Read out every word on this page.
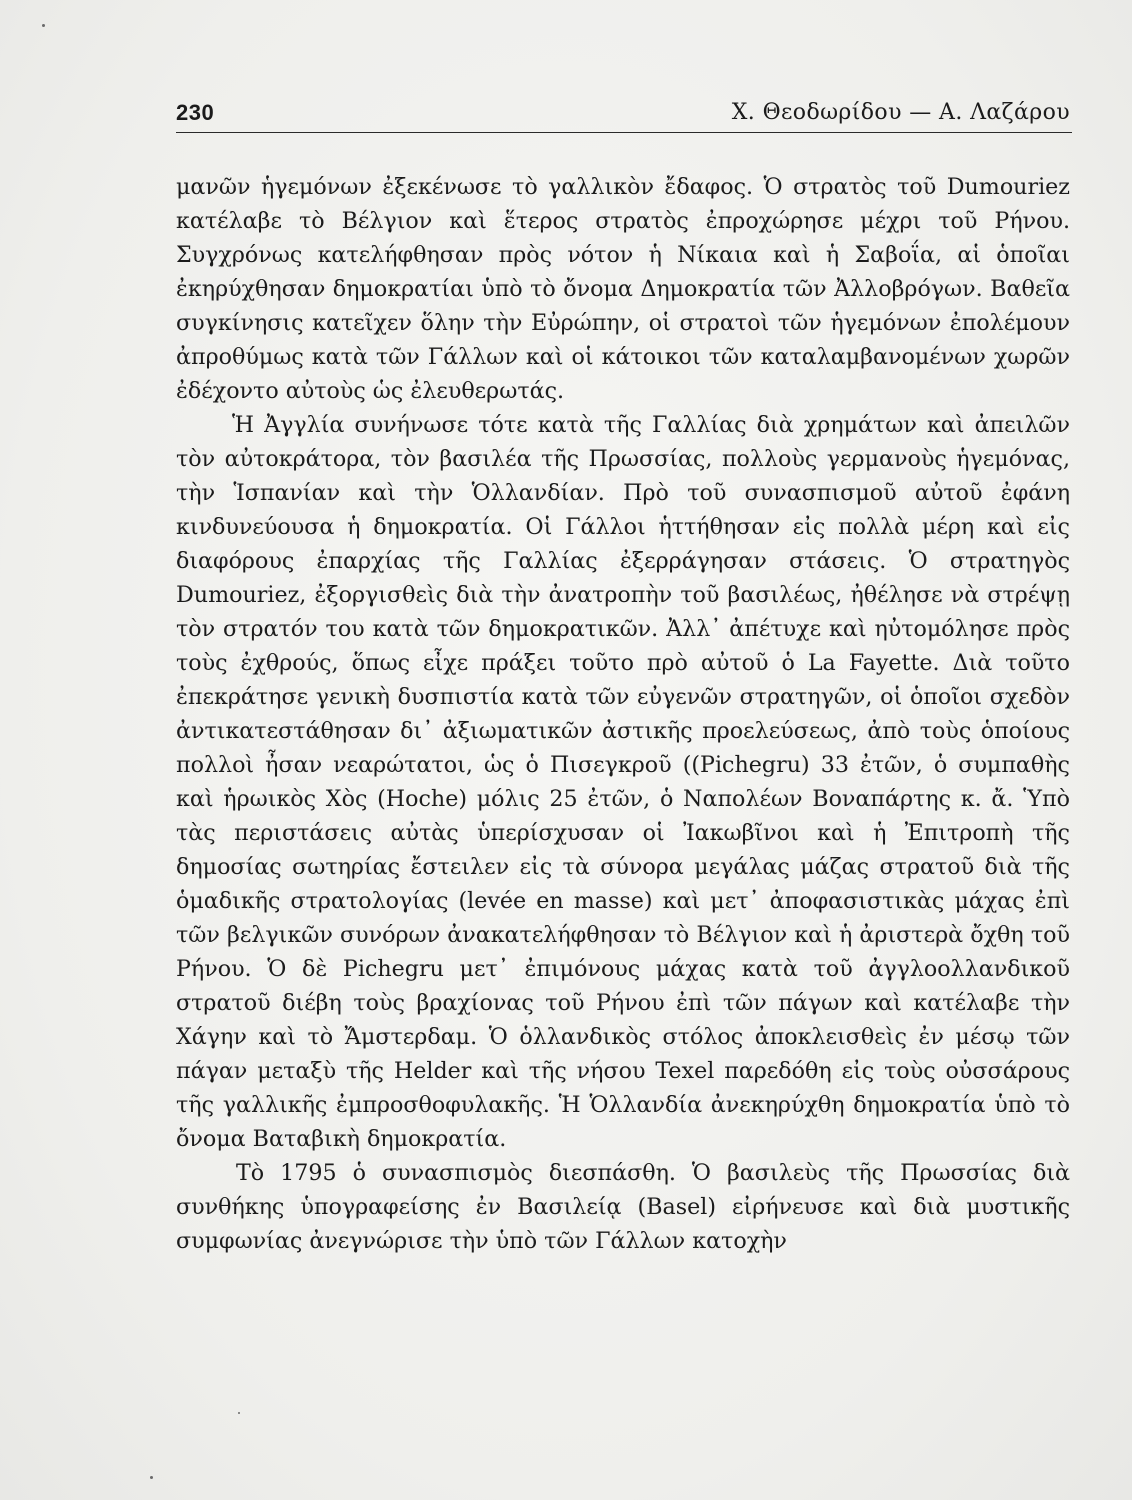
230	Χ. Θεοδωρίδου — Α. Λαζάρου

μανῶν ἡγεμόνων ἐξεκένωσε τὸ γαλλικὸν ἔδαφος. Ὁ στρατὸς τοῦ Dumouriez κατέλαβε τὸ Βέλγιον καὶ ἕτερος στρατὸς ἐπροχώρησε μέχρι τοῦ Ρήνου. Συγχρόνως κατελήφθησαν πρὸς νότον ἡ Νίκαια καὶ ἡ Σαβοΐα, αἱ ὁποῖαι ἐκηρύχθησαν δημοκρατίαι ὑπὸ τὸ ὄνομα Δημοκρατία τῶν Ἀλλοβρόγων. Βαθεῖα συγκίνησις κατεῖχεν ὅλην τὴν Εὐρώπην, οἱ στρατοὶ τῶν ἡγεμόνων ἐπολέμουν ἀπροθύμως κατὰ τῶν Γάλλων καὶ οἱ κάτοικοι τῶν καταλαμβανομένων χωρῶν ἐδέχοντο αὐτοὺς ὡς ἐλευθερωτάς.

Ἡ Ἀγγλία συνήνωσε τότε κατὰ τῆς Γαλλίας διὰ χρημάτων καὶ ἀπειλῶν τὸν αὐτοκράτορα, τὸν βασιλέα τῆς Πρωσσίας, πολλοὺς γερμανοὺς ἡγεμόνας, τὴν Ἱσπανίαν καὶ τὴν Ὁλλανδίαν. Πρὸ τοῦ συνασπισμοῦ αὐτοῦ ἐφάνη κινδυνεύουσα ἡ δημοκρατία. Οἱ Γάλλοι ἡττήθησαν εἰς πολλὰ μέρη καὶ εἰς διαφόρους ἐπαρχίας τῆς Γαλλίας ἐξερράγησαν στάσεις. Ὁ στρατηγὸς Dumouriez, ἐξοργισθεὶς διὰ τὴν ἀνατροπὴν τοῦ βασιλέως, ἠθέλησε νὰ στρέψῃ τὸν στρατόν του κατὰ τῶν δημοκρατικῶν. Ἀλλ᾽ ἀπέτυχε καὶ ηὐτομόλησε πρὸς τοὺς ἐχθρούς, ὅπως εἶχε πράξει τοῦτο πρὸ αὐτοῦ ὁ La Fayette. Διὰ τοῦτο ἐπεκράτησε γενικὴ δυσπιστία κατὰ τῶν εὐγενῶν στρατηγῶν, οἱ ὁποῖοι σχεδὸν ἀντικατεστάθησαν δι᾽ ἀξιωματικῶν ἀστικῆς προελεύσεως, ἀπὸ τοὺς ὁποίους πολλοὶ ἦσαν νεαρώτατοι, ὡς ὁ Πισεγκροῦ ((Pichegru) 33 ἐτῶν, ὁ συμπαθὴς καὶ ἡρωικὸς Χὸς (Hoche) μόλις 25 ἐτῶν, ὁ Ναπολέων Βοναπάρτης κ. ἄ. Ὑπὸ τὰς περιστάσεις αὐτὰς ὑπερίσχυσαν οἱ Ἰακωβῖνοι καὶ ἡ Ἐπιτροπὴ τῆς δημοσίας σωτηρίας ἔστειλεν εἰς τὰ σύνορα μεγάλας μάζας στρατοῦ διὰ τῆς ὁμαδικῆς στρατολογίας (levée en masse) καὶ μετ᾽ ἀποφασιστικὰς μάχας ἐπὶ τῶν βελγικῶν συνόρων ἀνακατελήφθησαν τὸ Βέλγιον καὶ ἡ ἀριστερὰ ὄχθη τοῦ Ρήνου. Ὁ δὲ Pichegru μετ᾽ ἐπιμόνους μάχας κατὰ τοῦ ἀγγλοολλανδικοῦ στρατοῦ διέβη τοὺς βραχίονας τοῦ Ρήνου ἐπὶ τῶν πάγων καὶ κατέλαβε τὴν Χάγην καὶ τὸ Ἄμστερδαμ. Ὁ ὁλλανδικὸς στόλος ἀποκλεισθεὶς ἐν μέσῳ τῶν πάγαν μεταξὺ τῆς Helder καὶ τῆς νήσου Texel παρεδόθη εἰς τοὺς οὐσσάρους τῆς γαλλικῆς ἐμπροσθοφυλακῆς. Ἡ Ὁλλανδία ἀνεκηρύχθη δημοκρατία ὑπὸ τὸ ὄνομα Βαταβικὴ δημοκρατία.

Τὸ 1795 ὁ συνασπισμὸς διεσπάσθη. Ὁ βασιλεὺς τῆς Πρωσσίας διὰ συνθήκης ὑπογραφείσης ἐν Βασιλείᾳ (Basel) εἰρήνευσε καὶ διὰ μυστικῆς συμφωνίας ἀνεγνώρισε τὴν ὑπὸ τῶν Γάλλων κατοχὴν
